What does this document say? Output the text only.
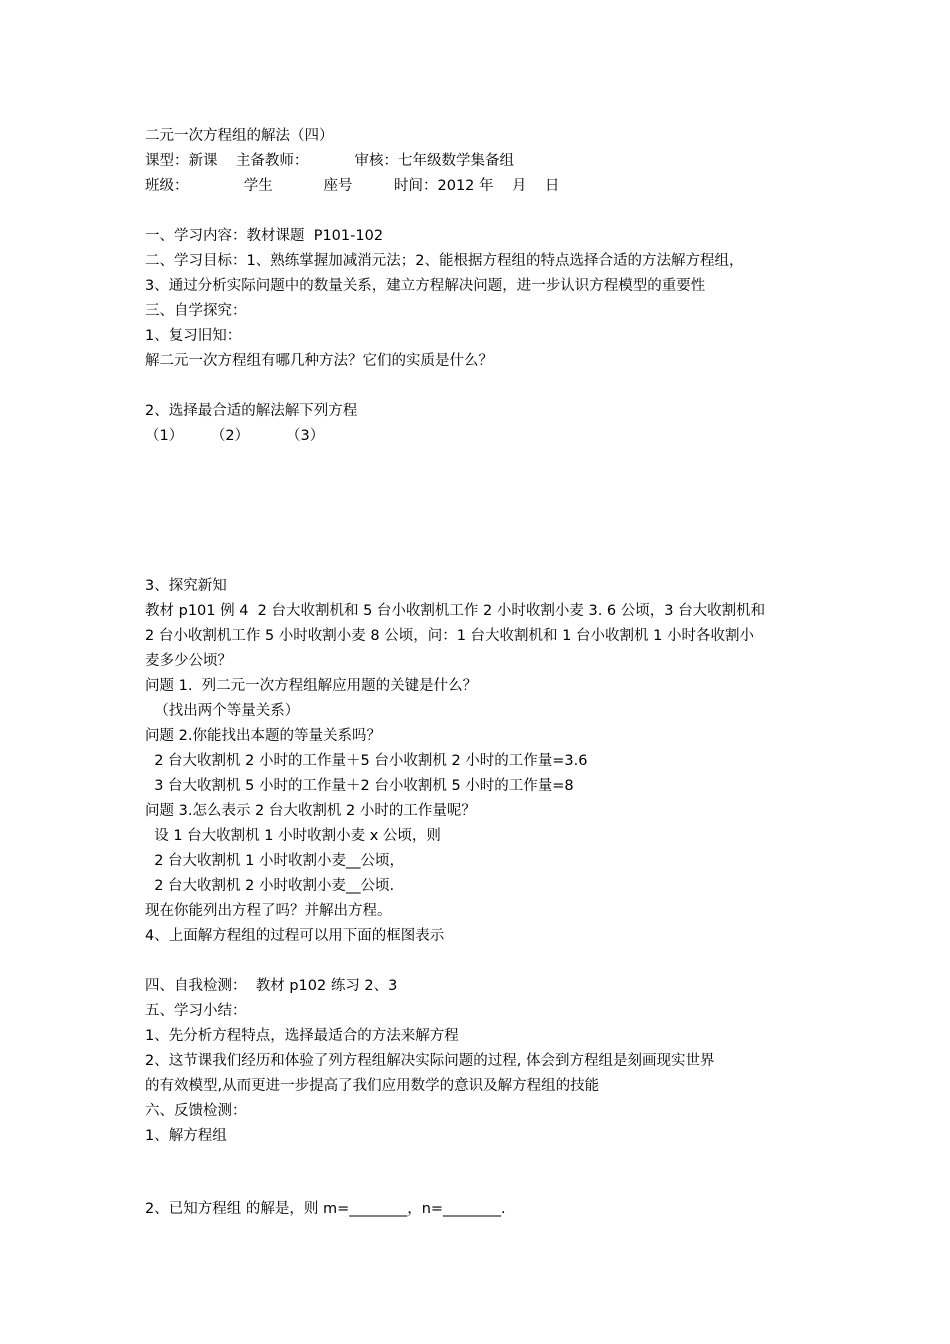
二元一次方程组的解法（四）
课型：新课    主备教师：          审核：七年级数学集备组
班级：            学生           座号         时间：2012 年    月    日
一、学习内容：教材课题  P101-102
二、学习目标：1、熟练掌握加减消元法；2、能根据方程组的特点选择合适的方法解方程组，
3、通过分析实际问题中的数量关系，建立方程解决问题，进一步认识方程模型的重要性
三、自学探究：
1、复习旧知：
解二元一次方程组有哪几种方法？它们的实质是什么？
2、选择最合适的解法解下列方程
（1）      （2）        （3）
3、探究新知
教材 p101 例 4  2 台大收割机和 5 台小收割机工作 2 小时收割小麦 3. 6 公顷，3 台大收割机和
2 台小收割机工作 5 小时收割小麦 8 公顷，问：1 台大收割机和 1 台小收割机 1 小时各收割小
麦多少公顷？
问题 1.  列二元一次方程组解应用题的关键是什么？
（找出两个等量关系）
问题 2.你能找出本题的等量关系吗？
2 台大收割机 2 小时的工作量＋5 台小收割机 2 小时的工作量=3.6
3 台大收割机 5 小时的工作量＋2 台小收割机 5 小时的工作量=8
问题 3.怎么表示 2 台大收割机 2 小时的工作量呢？
设 1 台大收割机 1 小时收割小麦 x 公顷，则
2 台大收割机 1 小时收割小麦__公顷，
2 台大收割机 2 小时收割小麦__公顷.
现在你能列出方程了吗？并解出方程。
4、上面解方程组的过程可以用下面的框图表示
四、自我检测：  教材 p102 练习 2、3
五、学习小结：
1、先分析方程特点，选择最适合的方法来解方程
2、这节课我们经历和体验了列方程组解决实际问题的过程, 体会到方程组是刻画现实世界
的有效模型,从而更进一步提高了我们应用数学的意识及解方程组的技能
六、反馈检测：
1、解方程组
2、已知方程组 的解是，则 m=________，n=________.
